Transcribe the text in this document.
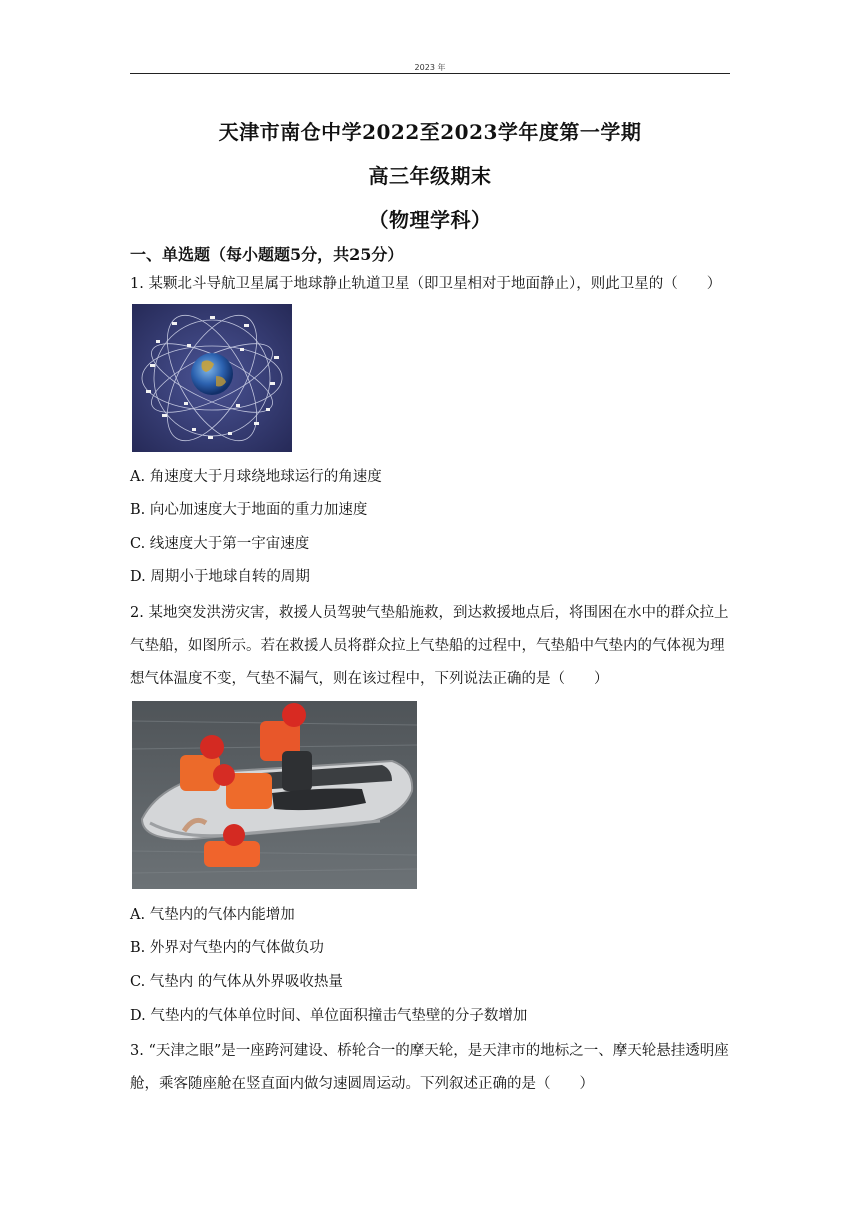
2023 年
天津市南仓中学2022至2023学年度第一学期
高三年级期末
（物理学科）
一、单选题（每小题题5分，共25分）
1. 某颗北斗导航卫星属于地球静止轨道卫星（即卫星相对于地面静止），则此卫星的（　　）
A. 角速度大于月球绕地球运行的角速度
B. 向心加速度大于地面的重力加速度
C. 线速度大于第一宇宙速度
D. 周期小于地球自转的周期
2. 某地突发洪涝灾害，救援人员驾驶气垫船施救，到达救援地点后，将围困在水中的群众拉上气垫船，如图所示。若在救援人员将群众拉上气垫船的过程中，气垫船中气垫内的气体视为理想气体温度不变，气垫不漏气，则在该过程中，下列说法正确的是（　　）
A. 气垫内的气体内能增加
B. 外界对气垫内的气体做负功
C. 气垫内 的气体从外界吸收热量
D. 气垫内的气体单位时间、单位面积撞击气垫壁的分子数增加
3. “天津之眼”是一座跨河建设、桥轮合一的摩天轮，是天津市的地标之一、摩天轮悬挂透明座舱，乘客随座舱在竖直面内做匀速圆周运动。下列叙述正确的是（　　）
